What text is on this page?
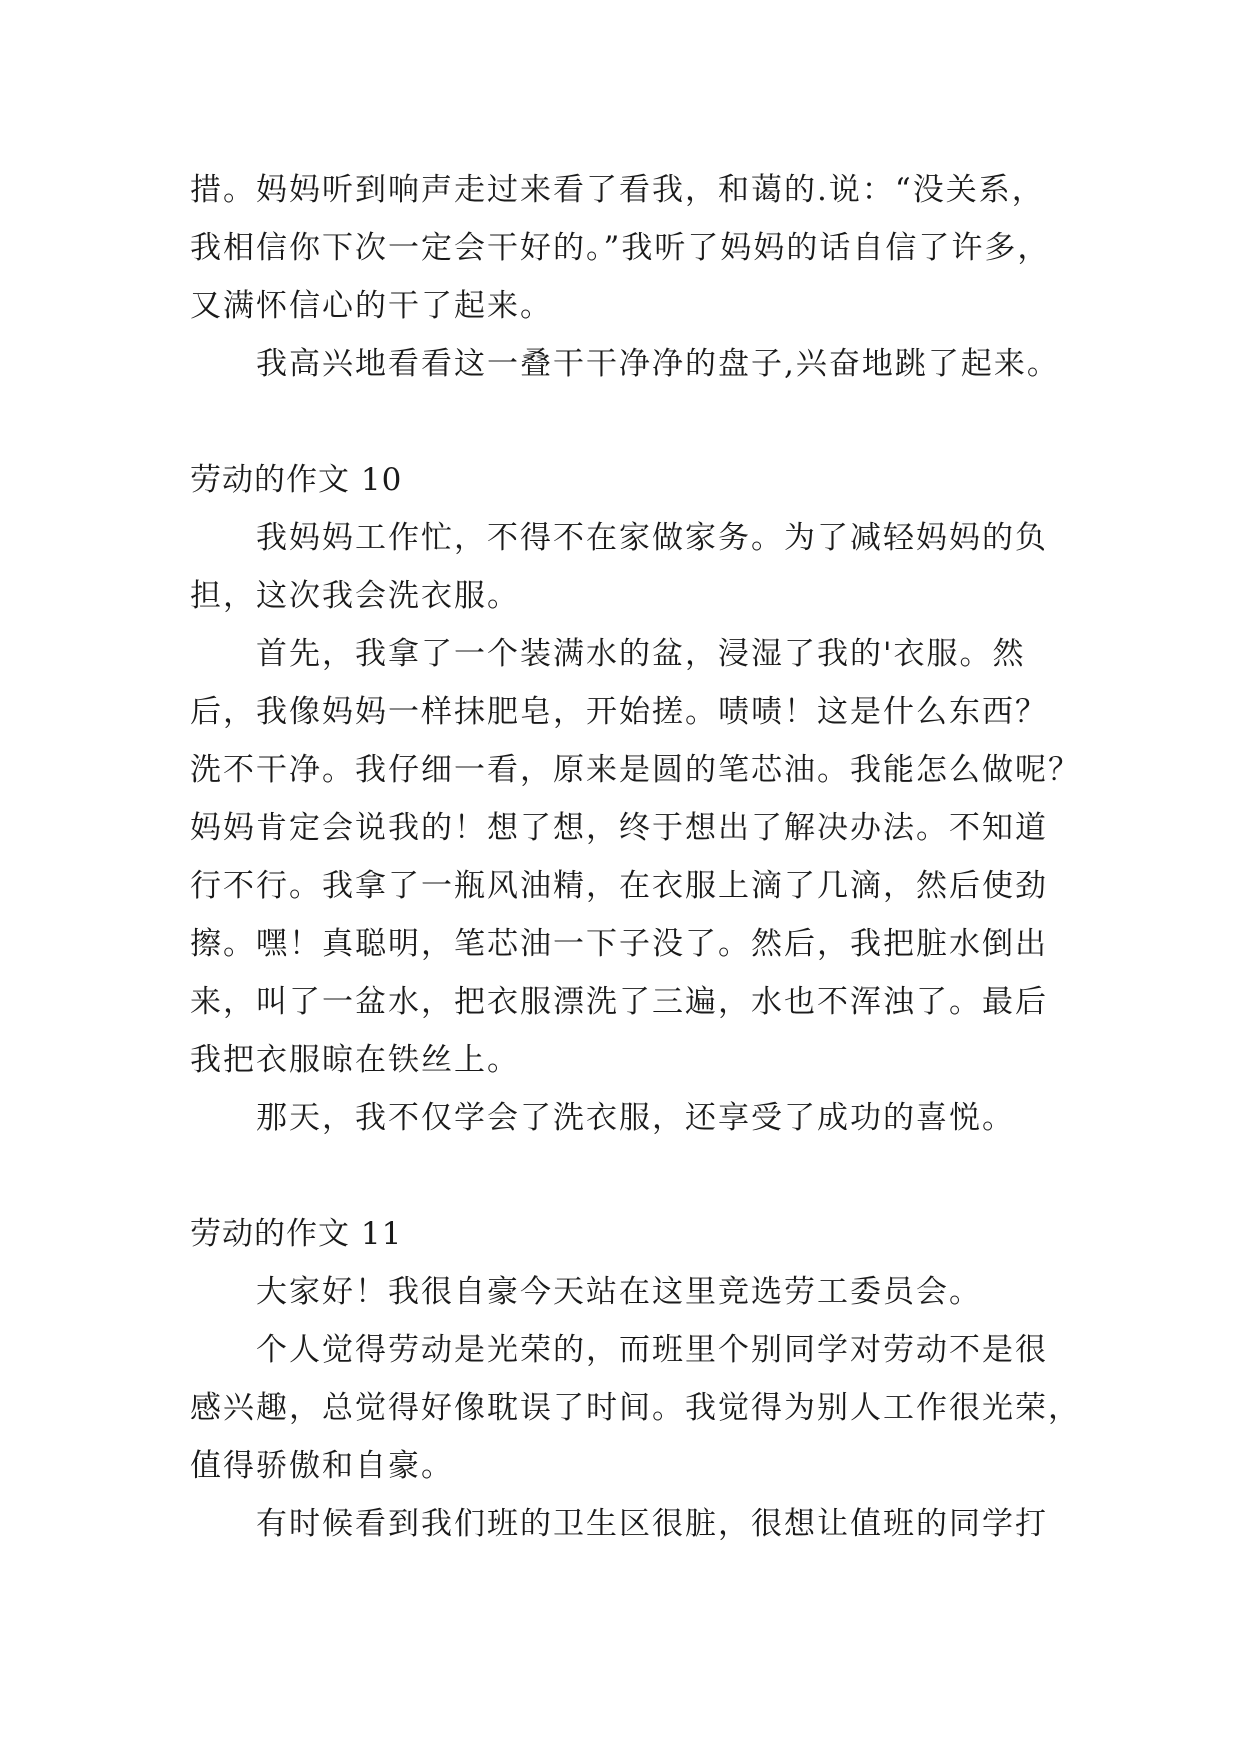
措。妈妈听到响声走过来看了看我，和蔼的.说：“没关系，
我相信你下次一定会干好的。”我听了妈妈的话自信了许多，
又满怀信心的干了起来。
我高兴地看看这一叠干干净净的盘子,兴奋地跳了起来。
劳动的作文 10
我妈妈工作忙，不得不在家做家务。为了减轻妈妈的负
担，这次我会洗衣服。
首先，我拿了一个装满水的盆，浸湿了我的'衣服。然
后，我像妈妈一样抹肥皂，开始搓。啧啧！这是什么东西？
洗不干净。我仔细一看，原来是圆的笔芯油。我能怎么做呢？
妈妈肯定会说我的！想了想，终于想出了解决办法。不知道
行不行。我拿了一瓶风油精，在衣服上滴了几滴，然后使劲
擦。嘿！真聪明，笔芯油一下子没了。然后，我把脏水倒出
来，叫了一盆水，把衣服漂洗了三遍，水也不浑浊了。最后
我把衣服晾在铁丝上。
那天，我不仅学会了洗衣服，还享受了成功的喜悦。
劳动的作文 11
大家好！我很自豪今天站在这里竞选劳工委员会。
个人觉得劳动是光荣的，而班里个别同学对劳动不是很
感兴趣，总觉得好像耽误了时间。我觉得为别人工作很光荣，
值得骄傲和自豪。
有时候看到我们班的卫生区很脏，很想让值班的同学打
